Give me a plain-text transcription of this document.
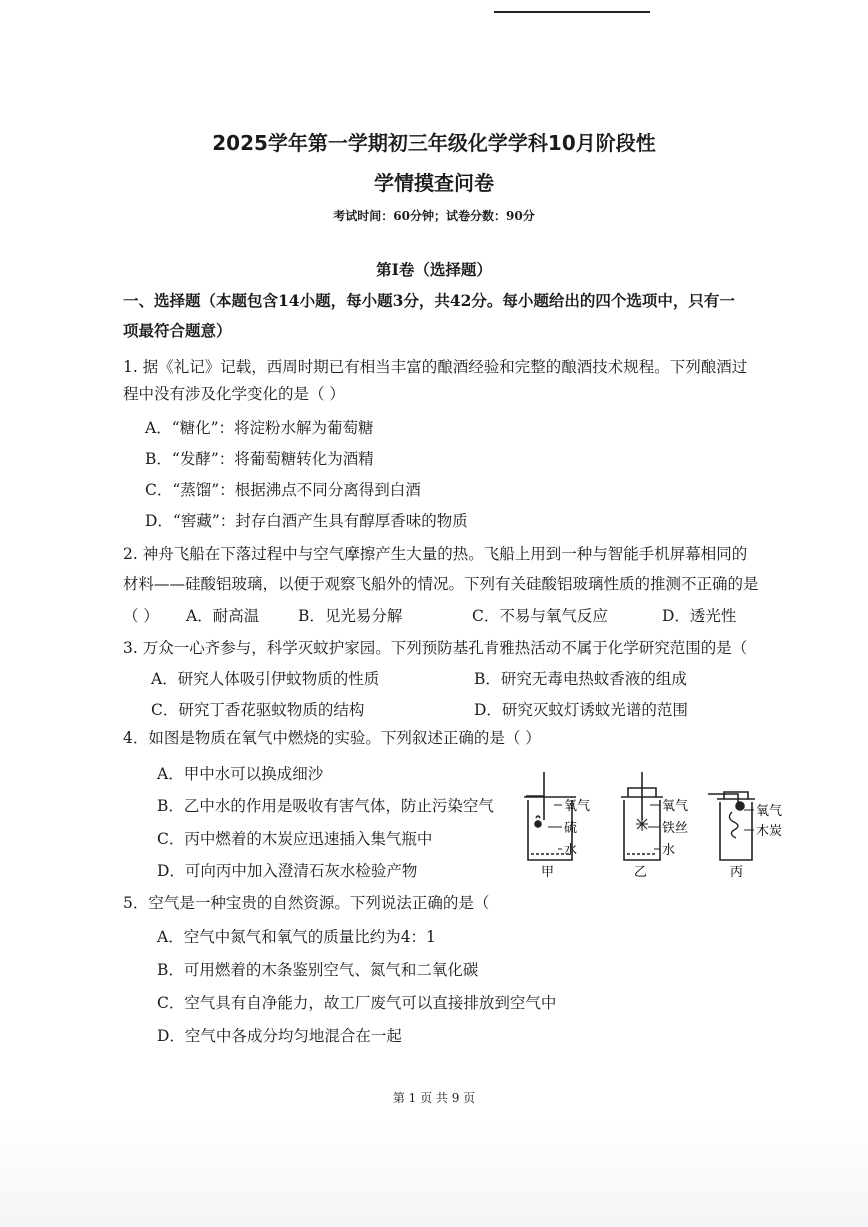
2025学年第一学期初三年级化学学科10月阶段性
学情摸查问卷
考试时间：60分钟；试卷分数：90分
第Ⅰ卷（选择题）
一、选择题（本题包含14小题，每小题3分，共42分。每小题给出的四个选项中，只有一
项最符合题意）
1. 据《礼记》记载，西周时期已有相当丰富的酿酒经验和完整的酿酒技术规程。下列酿酒过
程中没有涉及化学变化的是（ ）
A．“糖化”：将淀粉水解为葡萄糖
B．“发酵”：将葡萄糖转化为酒精
C．“蒸馏”：根据沸点不同分离得到白酒
D．“窖藏”：封存白酒产生具有醇厚香味的物质
2. 神舟飞船在下落过程中与空气摩擦产生大量的热。飞船上用到一种与智能手机屏幕相同的
材料——硅酸铝玻璃，以便于观察飞船外的情况。下列有关硅酸铝玻璃性质的推测不正确的是
（ ） A．耐高温	B．见光易分解	C．不易与氧气反应	D．透光性
3. 万众一心齐参与，科学灭蚊护家园。下列预防基孔肯雅热活动不属于化学研究范围的是（
A．研究人体吸引伊蚊物质的性质	B．研究无毒电热蚊香液的组成
C．研究丁香花驱蚊物质的结构	D．研究灭蚊灯诱蚊光谱的范围
4．如图是物质在氧气中燃烧的实验。下列叙述正确的是（ ）
A．甲中水可以换成细沙
B．乙中水的作用是吸收有害气体，防止污染空气
C．丙中燃着的木炭应迅速插入集气瓶中
D．可向丙中加入澄清石灰水检验产物
氧气
硫
水
甲
氧气
铁丝
水
乙
氧气
木炭
丙
5．空气是一种宝贵的自然资源。下列说法正确的是（
A．空气中氮气和氧气的质量比约为4：1
B．可用燃着的木条鉴别空气、氮气和二氧化碳
C．空气具有自净能力，故工厂废气可以直接排放到空气中
D．空气中各成分均匀地混合在一起
第 1 页 共 9 页
